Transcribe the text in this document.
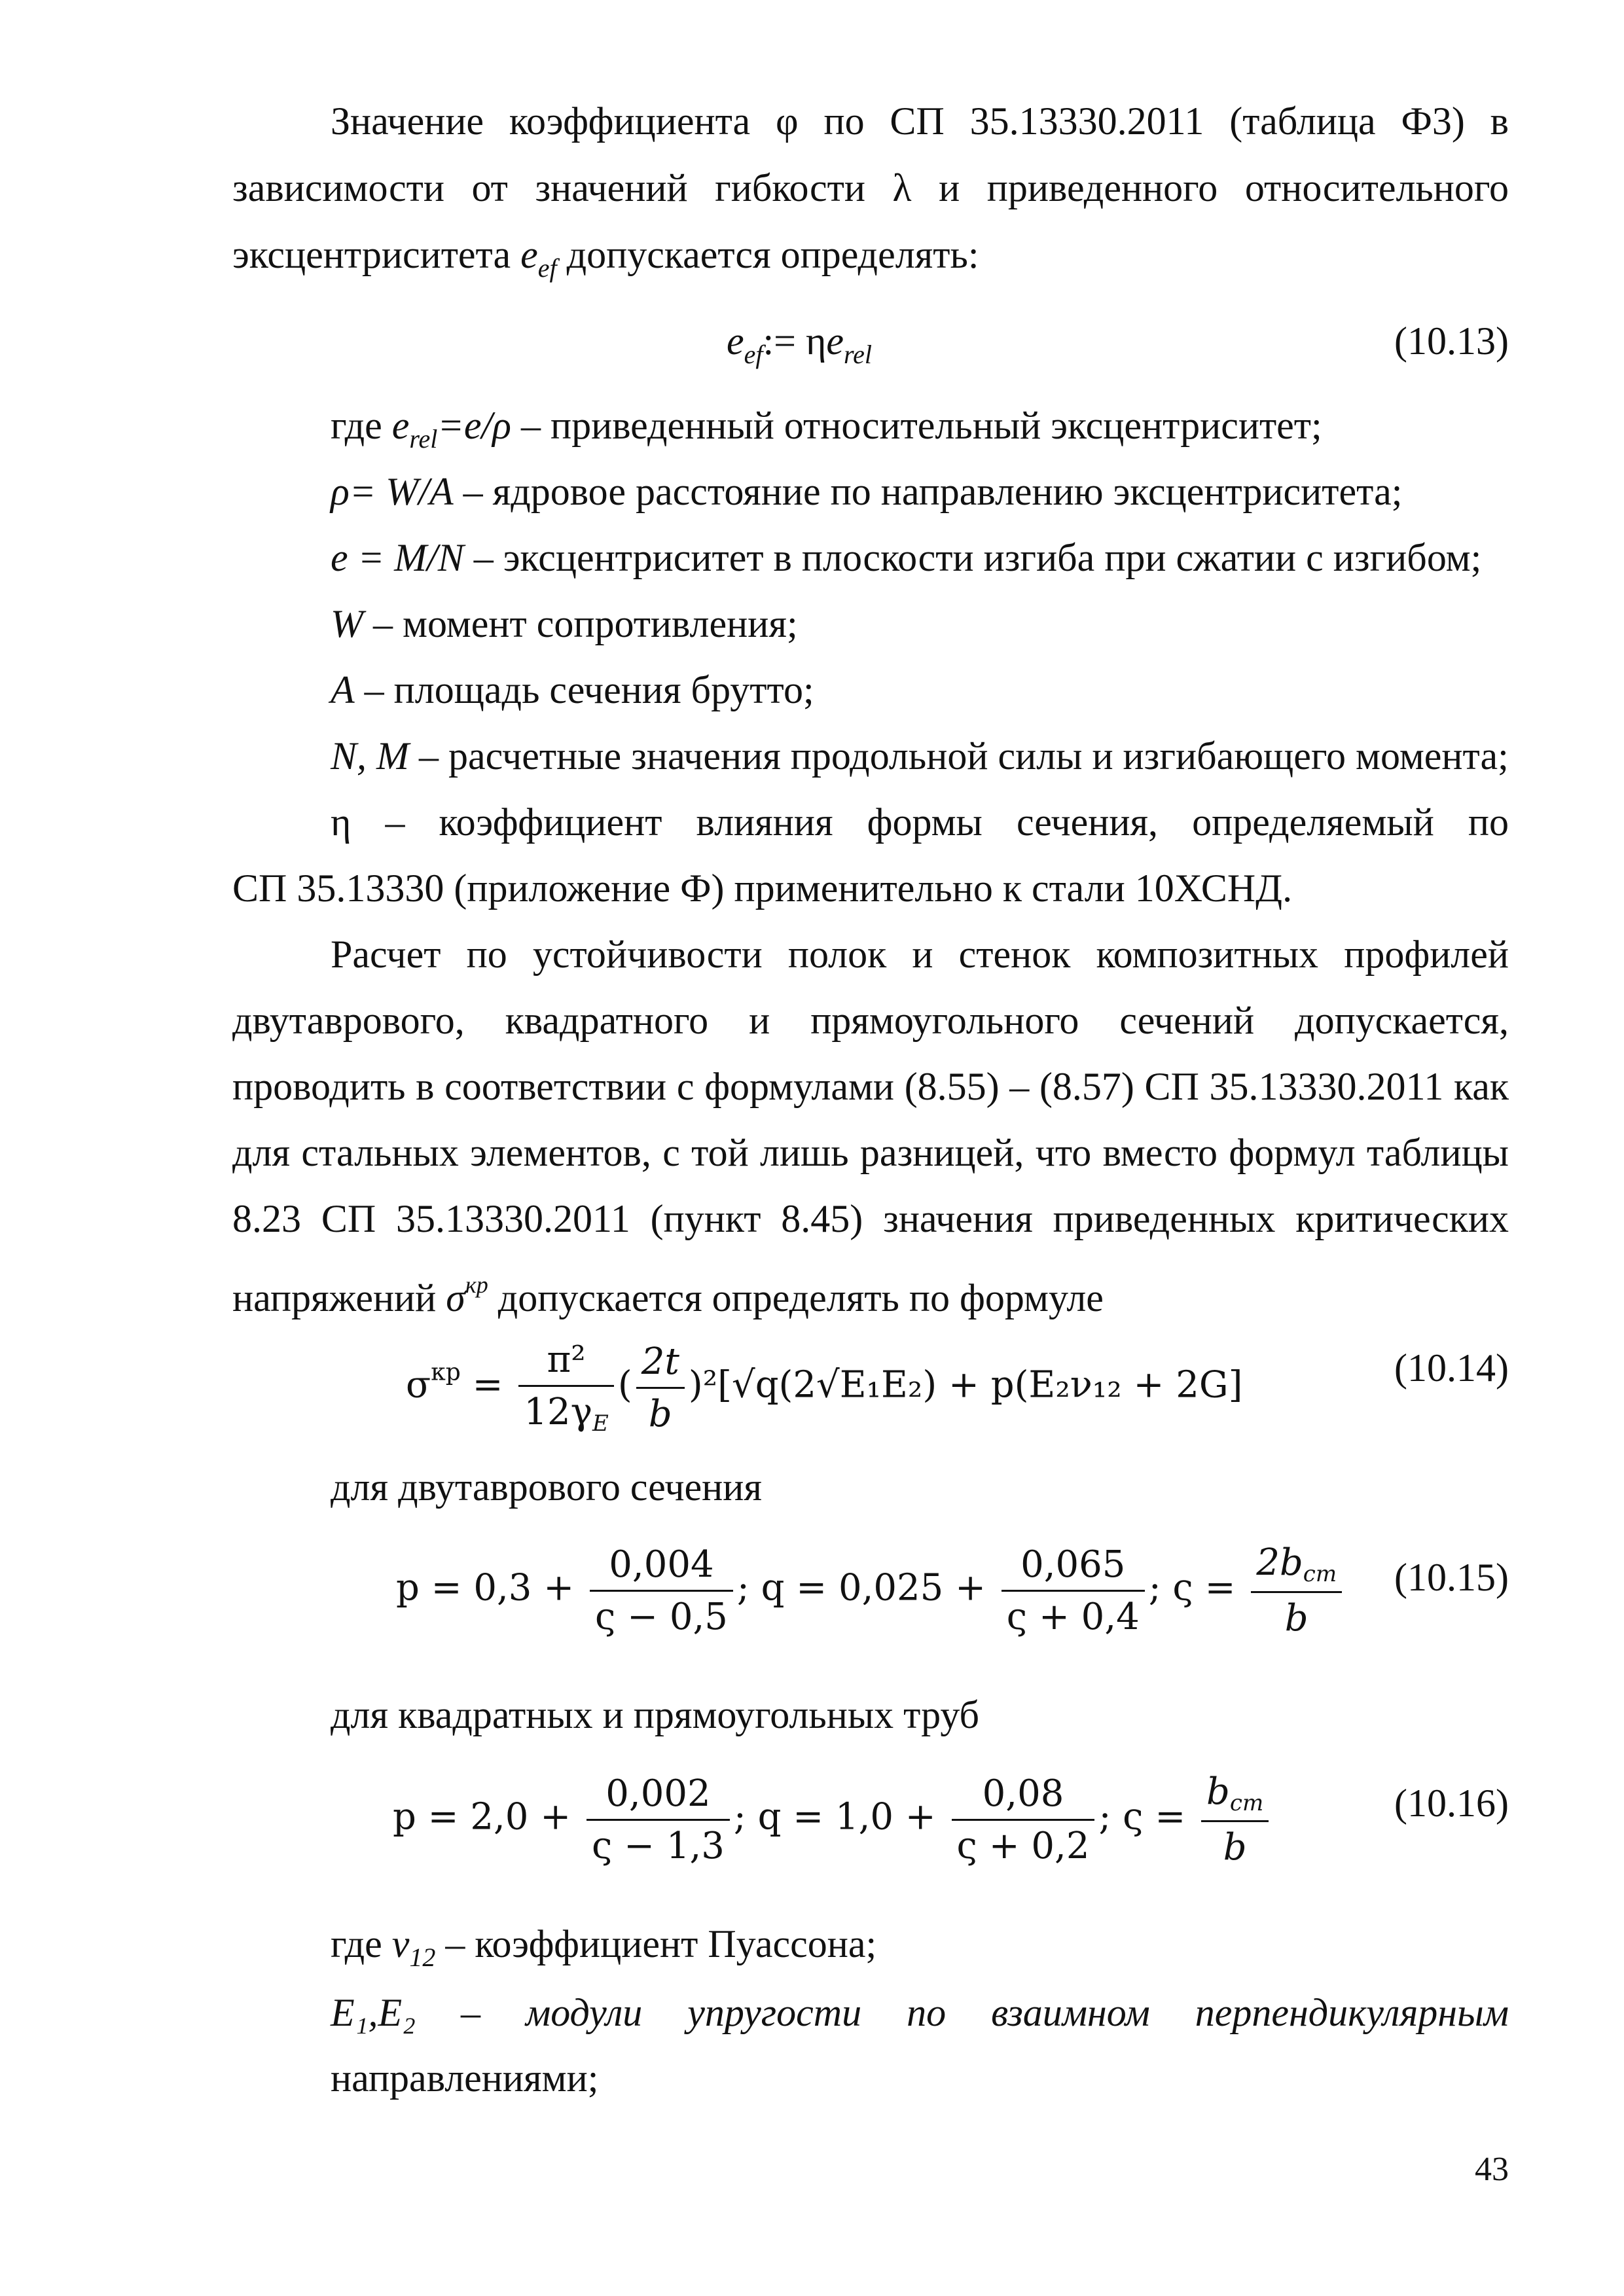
Значение коэффициента φ по СП 35.13330.2011 (таблица Ф3) в
зависимости от значений гибкости λ и приведенного относительного
эксцентриситета $e_{ef}$ допускается определять:
$e_{ef}:= \eta e_{rel}$	(10.13)
где $e_{rel}=e/\rho$ – приведенный относительный эксцентриситет;
ρ= W/A – ядровое расстояние по направлению эксцентриситета;
e = M/N – эксцентриситет в плоскости изгиба при сжатии с изгибом;
W – момент сопротивления;
A – площадь сечения брутто;
N, M – расчетные значения продольной силы и изгибающего момента;
η – коэффициент влияния формы сечения, определяемый по
СП 35.13330 (приложение Ф) применительно к стали 10ХСНД.
Расчет по устойчивости полок и стенок композитных профилей
двутаврового, квадратного и прямоугольного сечений допускается,
проводить в соответствии с формулами (8.55) – (8.57) СП 35.13330.2011 как
для стальных элементов, с той лишь разницей, что вместо формул таблицы
8.23 СП 35.13330.2011 (пункт 8.45) значения приведенных критических
напряжений $\sigma^{кр}$ допускается определять по формуле
$\sigma^{кр} = \frac{\text{π²}}{12\gamma E}$ ( $\frac{2t}{b} )^2[√q(2√E_1E_2) + p(E_2\nu_{12} + 2G]$	(10.14)
для двутаврового сечения
$p = 0,3 + \frac{0,004}{\varsigma - 0,5}$ ; $q = 0,025 + \frac{0,065}{\varsigma + 0,4}$ ; $\varsigma = \frac{\text{2bcm}}{b} (10.15)$
для квадратных и прямоугольных труб
$p = 2,0 + \frac{0,002}{\varsigma - 1,3}$ ; $q = 1,0 + \frac{0,08}{\varsigma + 0,2}$ ; $\varsigma = \frac{\text{bcm}}{b}$	(10.16)
где $\nu_{12}$ – коэффициент Пуассона;
E₁,E₂ – модули упругости по взаимном перпендикулярным
направлениями;
43
